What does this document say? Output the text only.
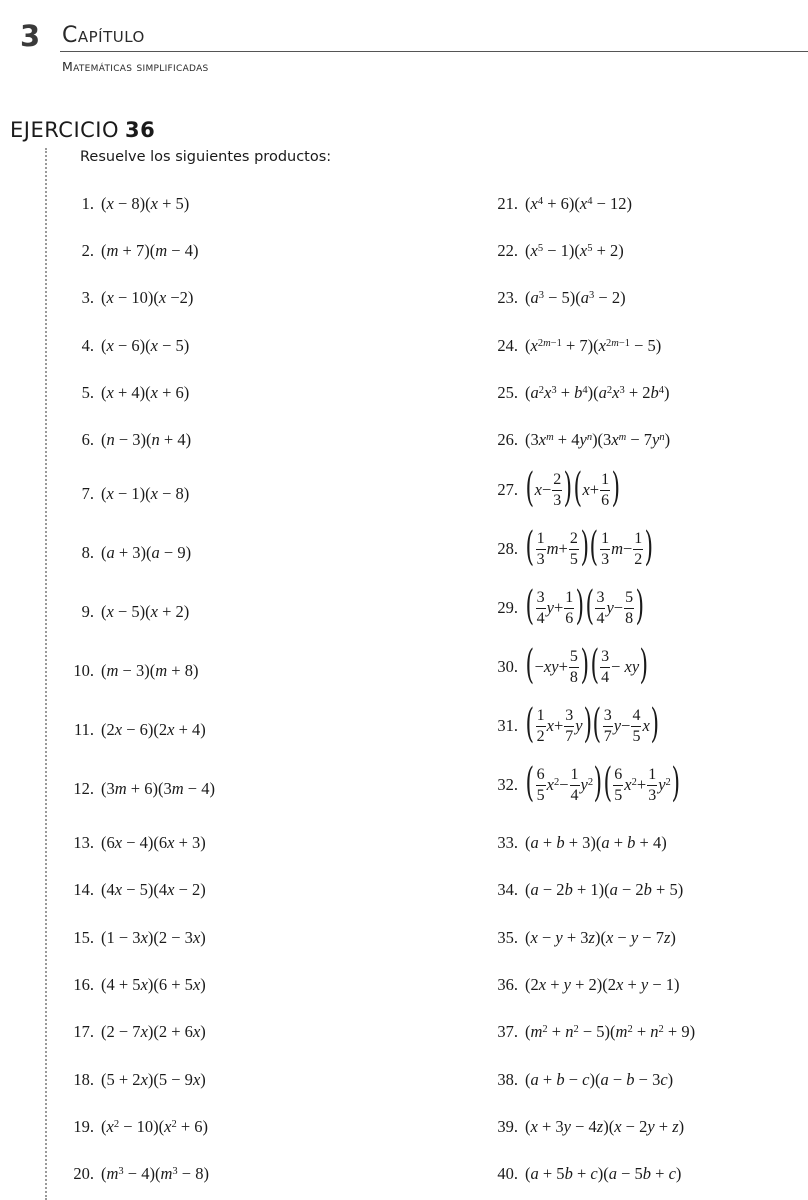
3 Capítulo
Matemáticas simplificadas
EJERCICIO 36
Resuelve los siguientes productos:
1. ( x − 8)( x + 5)
2. ( m + 7)( m − 4)
3. ( x − 10)( x −2)
4. ( x − 6)( x − 5)
5. ( x + 4)( x + 6)
6. ( n − 3)( n + 4)
7. ( x − 1)( x − 8)
8. ( a + 3)( a − 9)
9. ( x − 5)( x + 2)
10. ( m − 3)( m + 8)
11. (2 x − 6)(2 x + 4)
12. (3 m + 6)(3 m − 4)
13. (6 x − 4)(6 x + 3)
14. (4 x − 5)(4 x − 2)
15. (1 − 3 x )(2 − 3 x )
16. (4 + 5 x )(6 + 5 x )
17. (2 − 7 x )(2 + 6 x )
18. (5 + 2 x )(5 − 9 x )
19. ( $x^2 - 10$)( $x^2 + 6$)
20. ( $m^3 - 4$)( $m^3 - 8$)
21. ( $x^4 + 6$)( $x^4 - 12$)
22. ( $x^5 - 1$)( $x^5 + 2$)
23. ( $a^3 - 5$)( $a^3 - 2$)
24. ( $x^{2m-1} + 7$)( $x^{2m-1} - 5$)
25. ( $a^2$ $x^3 + b^4$ )( $a^2$ $x^3 + 2$ $b^4$ )
26. (3 x $^m$ + 4 y $^n$ )(3 x $^m$ − 7 y $^n$ )
27. ( $x - \frac{2}{3}$ ) ( $x + \frac{1}{6}$ )
28. ( $\frac{1}{3}$ $m + \frac{2}{5}$ ) ( $\frac{1}{3}$ $m - \frac{1}{2}$ )
29. ( $\frac{3}{4}$ $y + \frac{1}{6}$ ) ( $\frac{3}{4}$ $y - \frac{5}{8}$ )
30. ( − xy + $\frac{5}{8}$ ) ( $\frac{3}{4}$ − xy )
31. ( $\frac{1}{2}$ $x + \frac{3}{7}$ y ) ( $\frac{3}{7}$ $y - \frac{4}{5}$ x )
32. ( $\frac{6}{5} x^2 - \frac{1}{4} y^2$ ) ( $\frac{6}{5} x^2 + \frac{1}{3} y^2$ )
33. ( a + b + 3)( a + b + 4)
34. ( a − 2 b + 1)( a − 2 b + 5)
35. ( x − y + 3 z )( x − y − 7 z )
36. (2 x + y + 2)(2 x + y − 1)
37. ( $m^2 + n^2 - 5$)( $m^2 + n^2 + 9$)
38. ( a + b − c )( a − b − 3 c )
39. ( x + 3 y − 4 z )( x − 2 y + z )
40. ( a + 5 b + c )( a − 5 b + c )
